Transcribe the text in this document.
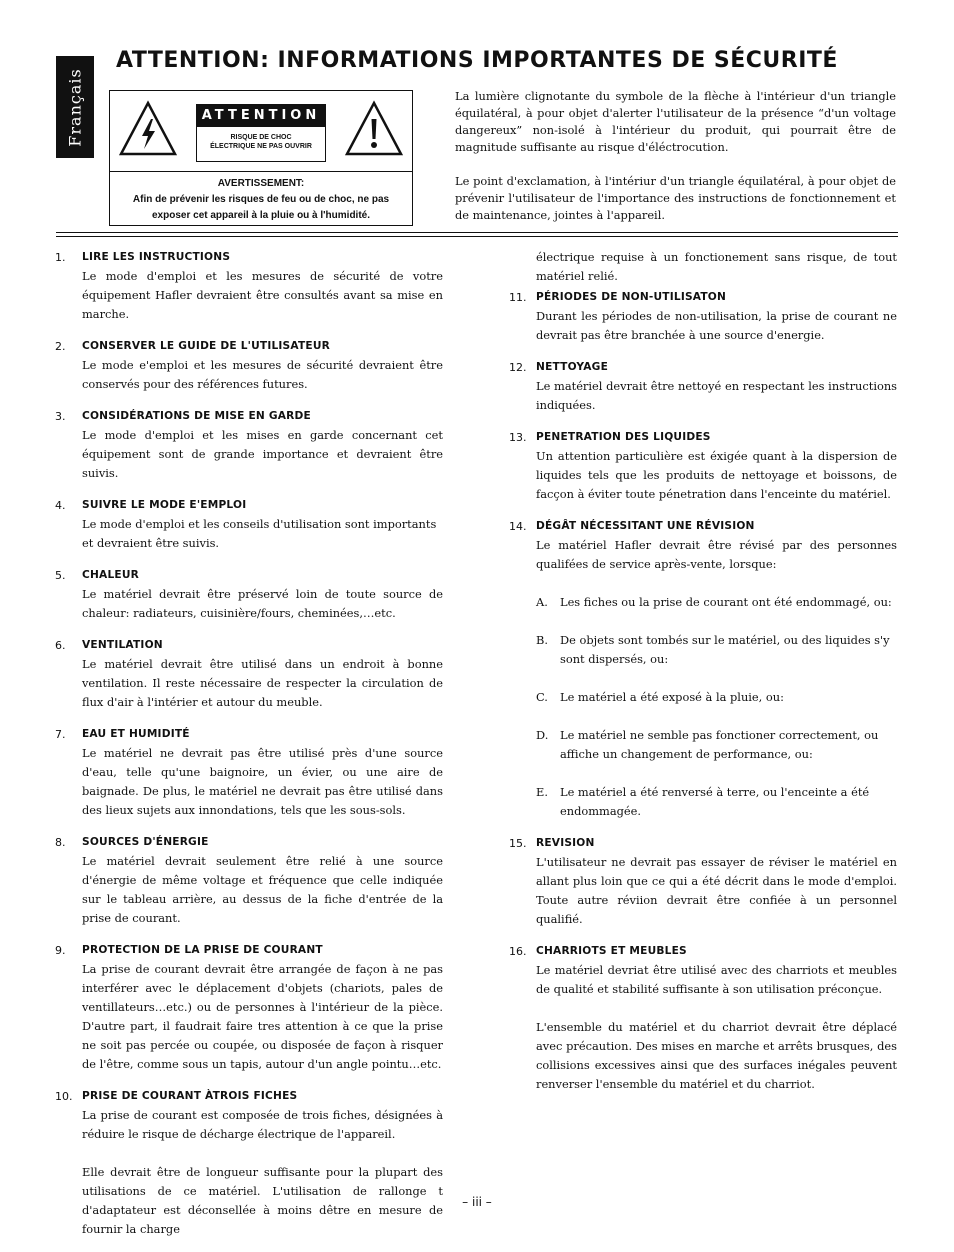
Français
ATTENTION: INFORMATIONS IMPORTANTES DE SÉCURITÉ
ATTENTION
RISQUE DE CHOC
ÉLECTRIQUE NE PAS OUVRIR
AVERTISSEMENT:
Afin de prévenir les risques de feu ou de choc, ne pas
exposer cet appareil à la pluie ou à l'humidité.

La lumière clignotante du symbole de la flèche à l'intérieur d'un triangle équilatéral, à pour objet d'alerter l'utilisateur de la présence “d'un voltage dangereux” non-isolé à l'intérieur du produit, qui pourrait être de magnitude suffisante au risque d'éléctrocution.

Le point d'exclamation, à l'intériur d'un triangle équilatéral, à pour objet de prévenir l'utilisateur de l'importance des instructions de fonctionnement et de maintenance, jointes à l'appareil.

1. LIRE LES INSTRUCTIONS

Le mode d'emploi et les mesures de sécurité de votre équipement Hafler devraient être consultés avant sa mise en marche.

2. CONSERVER LE GUIDE DE L'UTILISATEUR

Le mode e'emploi et les mesures de sécurité devraient être conservés pour des références futures.

3. CONSIDÉRATIONS DE MISE EN GARDE

Le mode d'emploi et les mises en garde concernant cet équipement sont de grande importance et devraient être suivis.

4. SUIVRE LE MODE E'EMPLOI

Le mode d'emploi et les conseils d'utilisation sont importants et devraient être suivis.

5. CHALEUR

Le matériel devrait être préservé loin de toute source de chaleur: radiateurs, cuisinière/fours, cheminées,…etc.

6. VENTILATION

Le matériel devrait être utilisé dans un endroit à bonne ventilation. Il reste nécessaire de respecter la circulation de flux d'air à l'intérier et autour du meuble.

7. EAU ET HUMIDITÉ

Le matériel ne devrait pas être utilisé près d'une source d'eau, telle qu'une baignoire, un évier, ou une aire de baignade. De plus, le matériel ne devrait pas être utilisé dans des lieux sujets aux innondations, tels que les sous-sols.

8. SOURCES D'ÉNERGIE

Le matériel devrait seulement être relié à une source d'énergie de même voltage et fréquence que celle indiquée sur le tableau arrière, au dessus de la fiche d'entrée de la prise de courant.

9. PROTECTION DE LA PRISE DE COURANT

La prise de courant devrait être arrangée de façon à ne pas interférer avec le déplacement d'objets (chariots, pales de ventillateurs…etc.) ou de personnes à l'intérieur de la pièce. D'autre part, il faudrait faire tres attention à ce que la prise ne soit pas percée ou coupée, ou disposée de façon à risquer de l'être, comme sous un tapis, autour d'un angle pointu…etc.

10. PRISE DE COURANT ÀTROIS FICHES

La prise de courant est composée de trois fiches, désignées à réduire le risque de décharge électrique de l'appareil.

Elle devrait être de longueur suffisante pour la plupart des utilisations de ce matériel. L'utilisation de rallonge t d'adaptateur est déconsellée à moins dêtre en mesure de fournir la charge

électrique requise à un fonctionement sans risque, de tout matériel relié.

11. PÉRIODES DE NON-UTILISATON

Durant les périodes de non-utilisation, la prise de courant ne devrait pas être branchée à une source d'energie.

12. NETTOYAGE

Le matériel devrait être nettoyé en respectant les instructions indiquées.

13. PENETRATION DES LIQUIDES

Un attention particulière est éxigée quant à la dispersion de liquides tels que les produits de nettoyage et boissons, de facçon à éviter toute pénetration dans l'enceinte du matériel.

14. DÉGÂT NÉCESSITANT UNE RÉVISION

Le matériel Hafler devrait être révisé par des personnes qualifées de service après-vente, lorsque:

A. Les fiches ou la prise de courant ont été endommagé, ou:

B. De objets sont tombés sur le matériel, ou des liquides s'y sont dispersés, ou:

C. Le matériel a été exposé à la pluie, ou:

D. Le matériel ne semble pas fonctioner correctement, ou affiche un changement de performance, ou:

E. Le matériel a été renversé à terre, ou l'enceinte a été endommagée.

15. REVISION

L'utilisateur ne devrait pas essayer de réviser le matériel en allant plus loin que ce qui a été décrit dans le mode d'emploi. Toute autre réviion devrait être confiée à un personnel qualifié.

16. CHARRIOTS ET MEUBLES

Le matériel devriat être utilisé avec des charriots et meubles de qualité et stabilité suffisante à son utilisation préconçue.

L'ensemble du matériel et du charriot devrait être déplacé avec précaution. Des mises en marche et arrêts brusques, des collisions excessives ainsi que des surfaces inégales peuvent renverser l'ensemble du matériel et du charriot.

– iii –
